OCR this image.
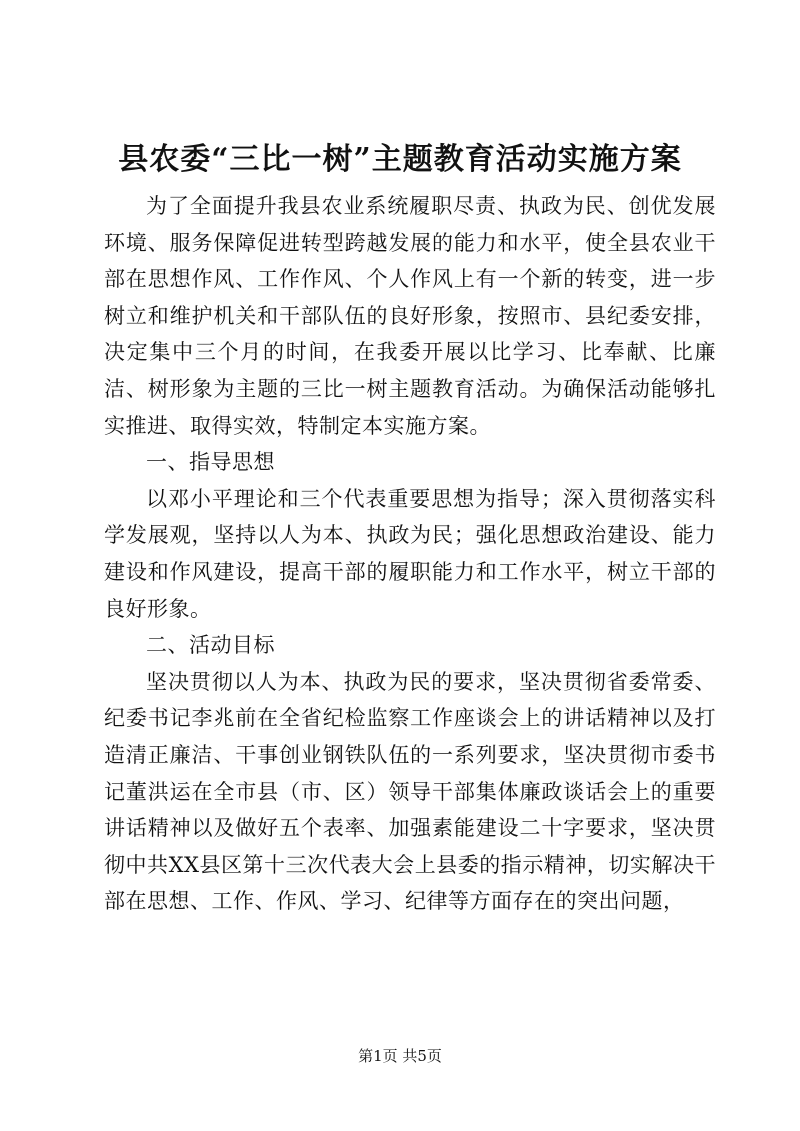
县农委“三比一树”主题教育活动实施方案

为了全面提升我县农业系统履职尽责、执政为民、创优发展环境、服务保障促进转型跨越发展的能力和水平，使全县农业干部在思想作风、工作作风、个人作风上有一个新的转变，进一步树立和维护机关和干部队伍的良好形象，按照市、县纪委安排，决定集中三个月的时间，在我委开展以比学习、比奉献、比廉洁、树形象为主题的三比一树主题教育活动。为确保活动能够扎实推进、取得实效，特制定本实施方案。

一、指导思想

以邓小平理论和三个代表重要思想为指导；深入贯彻落实科学发展观，坚持以人为本、执政为民；强化思想政治建设、能力建设和作风建设，提高干部的履职能力和工作水平，树立干部的良好形象。

二、活动目标

坚决贯彻以人为本、执政为民的要求，坚决贯彻省委常委、纪委书记李兆前在全省纪检监察工作座谈会上的讲话精神以及打造清正廉洁、干事创业钢铁队伍的一系列要求，坚决贯彻市委书记董洪运在全市县（市、区）领导干部集体廉政谈话会上的重要讲话精神以及做好五个表率、加强素能建设二十字要求，坚决贯彻中共XX县区第十三次代表大会上县委的指示精神，切实解决干部在思想、工作、作风、学习、纪律等方面存在的突出问题，

第1页 共5页
